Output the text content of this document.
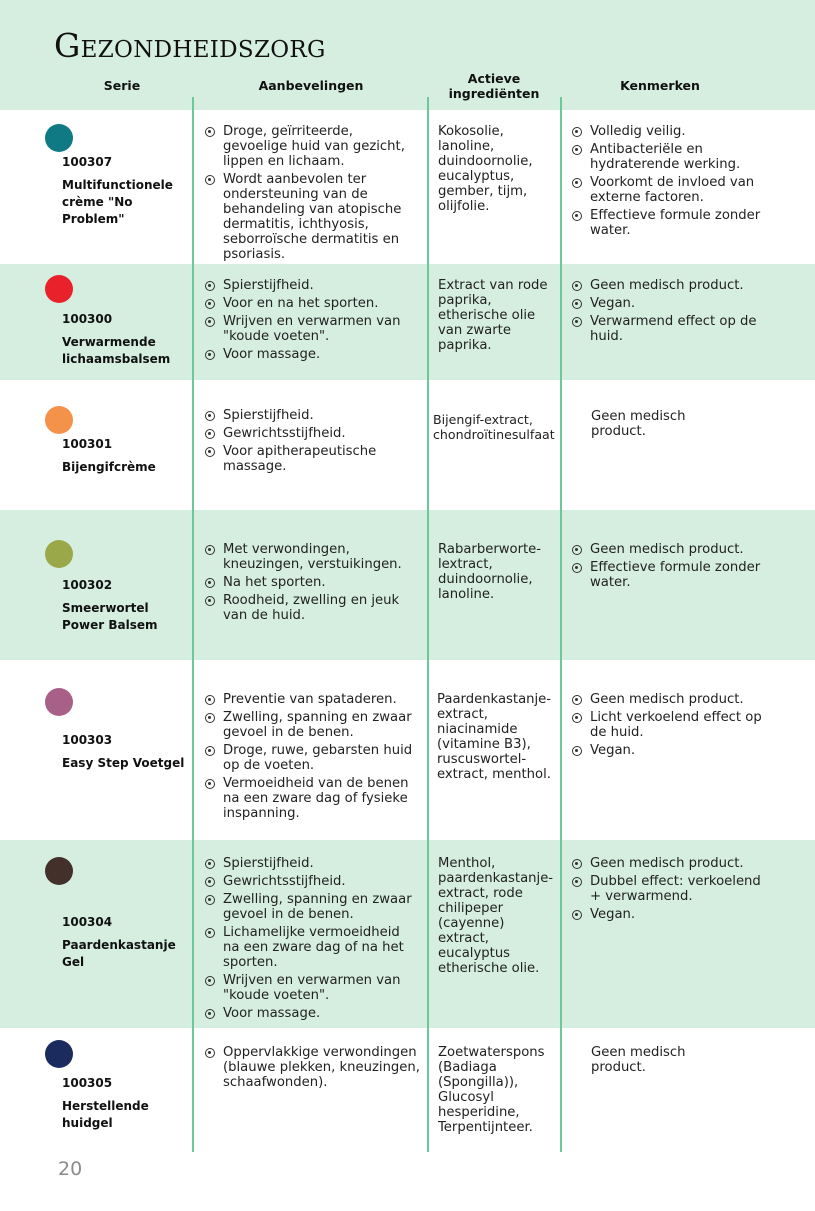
Gezondheidszorg
Serie	Aanbevelingen	Actieve
ingrediënten
Kenmerken
100307
Multifunctionele crème "No Problem"
Droge, geïrriteerde, gevoelige huid van gezicht, lippen en lichaam.
Wordt aanbevolen ter ondersteuning van de behandeling van atopische dermatitis, ichthyosis, seborroïsche dermatitis en psoriasis.
Kokosolie, lanoline, duindoornolie, eucalyptus, gember, tijm, olijfolie.
Volledig veilig.
Antibacteriële en hydraterende werking.
Voorkomt de invloed van externe factoren.
Effectieve formule zonder water.
100300
Verwarmende lichaamsbalsem
Spierstijfheid.
Voor en na het sporten.
Wrijven en verwarmen van "koude voeten".
Voor massage.
Extract van rode paprika, etherische olie van zwarte paprika.
Geen medisch product.
Vegan.
Verwarmend effect op de huid.
100301
Bijengifcrème
Spierstijfheid.
Gewrichtsstijfheid.
Voor apitherapeutische massage.
Bijengif-extract, chondroïtinesulfaat
Geen medisch product.
100302
Smeerwortel Power Balsem
Met verwondingen, kneuzingen, verstuikingen.
Na het sporten.
Roodheid, zwelling en jeuk van de huid.
Rabarberworte-lextract, duindoornolie, lanoline.
Geen medisch product.
Effectieve formule zonder water.
100303
Easy Step Voetgel
Preventie van spataderen.
Zwelling, spanning en zwaar gevoel in de benen.
Droge, ruwe, gebarsten huid op de voeten.
Vermoeidheid van de benen na een zware dag of fysieke inspanning.
Paardenkastanje-extract, niacinamide (vitamine B3), ruscuswortel-extract, menthol.
Geen medisch product.
Licht verkoelend effect op de huid.
Vegan.
100304
Paardenkastanje Gel
Spierstijfheid.
Gewrichtsstijfheid.
Zwelling, spanning en zwaar gevoel in de benen.
Lichamelijke vermoeidheid na een zware dag of na het sporten.
Wrijven en verwarmen van "koude voeten".
Voor massage.
Menthol, paardenkastanje-extract, rode chilipeper (cayenne) extract, eucalyptus etherische olie.
Geen medisch product.
Dubbel effect: verkoelend + verwarmend.
Vegan.
100305
Herstellende huidgel
Oppervlakkige verwondingen (blauwe plekken, kneuzingen, schaafwonden).
Zoetwaterspons (Badiaga (Spongilla)), Glucosyl hesperidine, Terpentijnteer.
Geen medisch product.
20
